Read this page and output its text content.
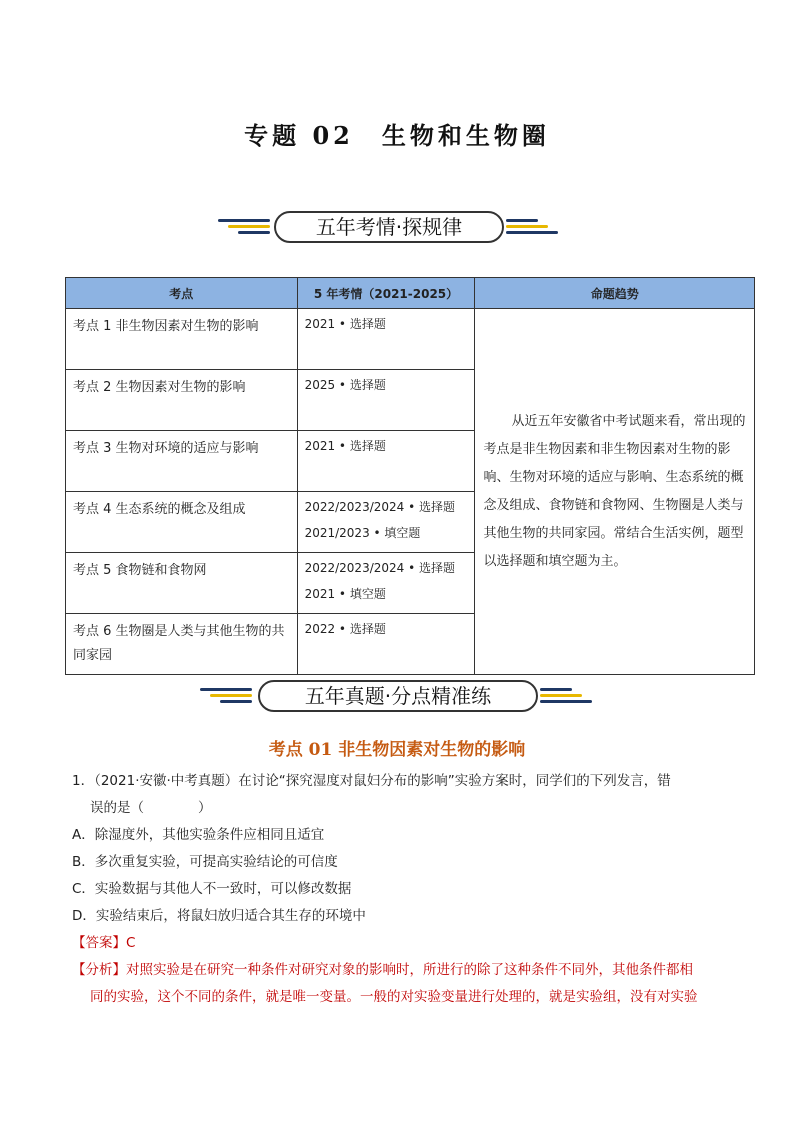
专题 02　生物和生物圈
五年考情·探规律
考点	5 年考情（2021-2025）	命题趋势
考点 1 非生物因素对生物的影响	2021 • 选择题	从近五年安徽省中考试题来看，常出现的考点是非生物因素和非生物因素对生物的影响、生物对环境的适应与影响、生态系统的概念及组成、食物链和食物网、生物圈是人类与其他生物的共同家园。常结合生活实例，题型以选择题和填空题为主。
考点 2 生物因素对生物的影响	2025 • 选择题	

考点 3 生物对环境的适应与影响	2021 • 选择题	

考点 4 生态系统的概念及组成	2022/2023/2024 • 选择题
2021/2023 • 填空题	

考点 5 食物链和食物网	2022/2023/2024 • 选择题
2021 • 填空题	

考点 6 生物圈是人类与其他生物的共同家园	2022 • 选择题	
五年真题·分点精准练
考点 01 非生物因素对生物的影响
1．（2021·安徽·中考真题）在讨论“探究湿度对鼠妇分布的影响”实验方案时，同学们的下列发言，错
误的是（　　　　）
A．除湿度外，其他实验条件应相同且适宜
B．多次重复实验，可提高实验结论的可信度
C．实验数据与其他人不一致时，可以修改数据
D．实验结束后，将鼠妇放归适合其生存的环境中
【答案】C
【分析】对照实验是在研究一种条件对研究对象的影响时，所进行的除了这种条件不同外，其他条件都相
同的实验，这个不同的条件，就是唯一变量。一般的对实验变量进行处理的，就是实验组，没有对实验
